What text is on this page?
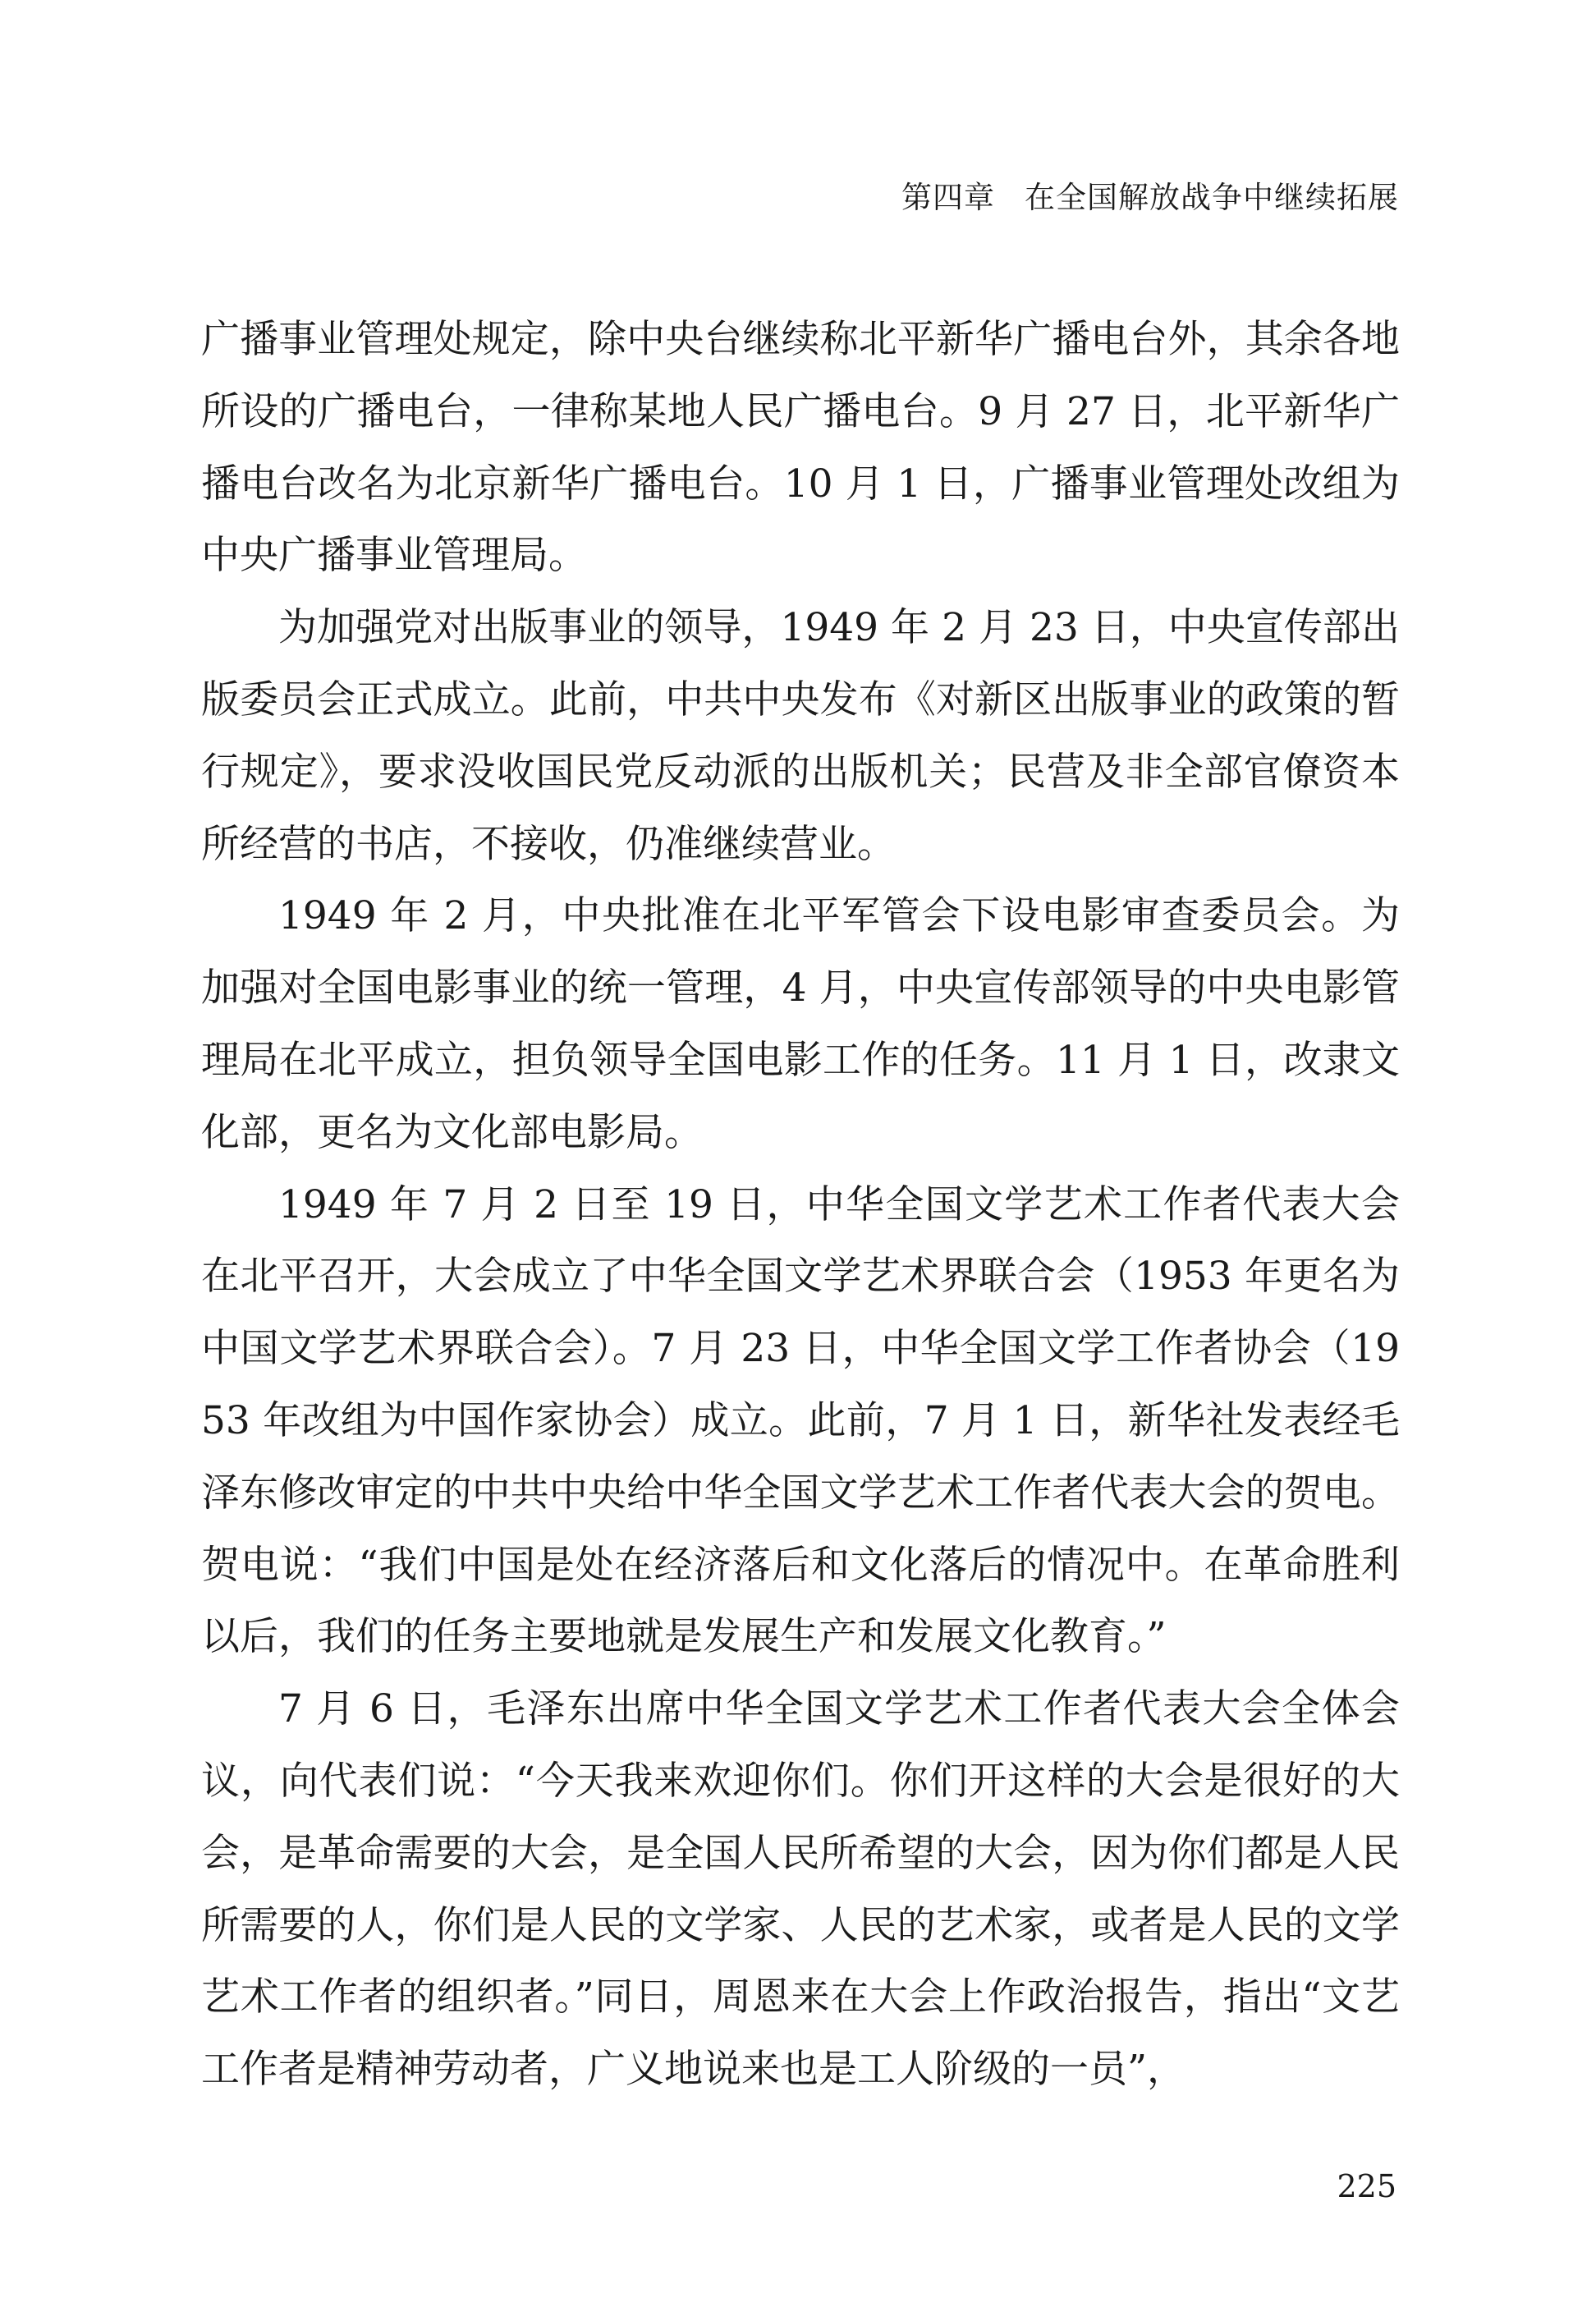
第四章 在全国解放战争中继续拓展

广播事业管理处规定，除中央台继续称北平新华广播电台外，其余各地所设的广播电台，一律称某地人民广播电台。9 月 27 日，北平新华广播电台改名为北京新华广播电台。10 月 1 日，广播事业管理处改组为中央广播事业管理局。

为加强党对出版事业的领导，1949 年 2 月 23 日，中央宣传部出版委员会正式成立。此前，中共中央发布《对新区出版事业的政策的暂行规定》，要求没收国民党反动派的出版机关；民营及非全部官僚资本所经营的书店，不接收，仍准继续营业。

1949 年 2 月，中央批准在北平军管会下设电影审查委员会。为加强对全国电影事业的统一管理，4 月，中央宣传部领导的中央电影管理局在北平成立，担负领导全国电影工作的任务。11 月 1 日，改隶文化部，更名为文化部电影局。

1949 年 7 月 2 日至 19 日，中华全国文学艺术工作者代表大会在北平召开，大会成立了中华全国文学艺术界联合会（1953 年更名为中国文学艺术界联合会）。7 月 23 日，中华全国文学工作者协会（1953 年改组为中国作家协会）成立。此前，7 月 1 日，新华社发表经毛泽东修改审定的中共中央给中华全国文学艺术工作者代表大会的贺电。贺电说：“我们中国是处在经济落后和文化落后的情况中。在革命胜利以后，我们的任务主要地就是发展生产和发展文化教育。”

7 月 6 日，毛泽东出席中华全国文学艺术工作者代表大会全体会议，向代表们说：“今天我来欢迎你们。你们开这样的大会是很好的大会，是革命需要的大会，是全国人民所希望的大会，因为你们都是人民所需要的人，你们是人民的文学家、人民的艺术家，或者是人民的文学艺术工作者的组织者。”同日，周恩来在大会上作政治报告，指出“文艺工作者是精神劳动者，广义地说来也是工人阶级的一员”，

225
